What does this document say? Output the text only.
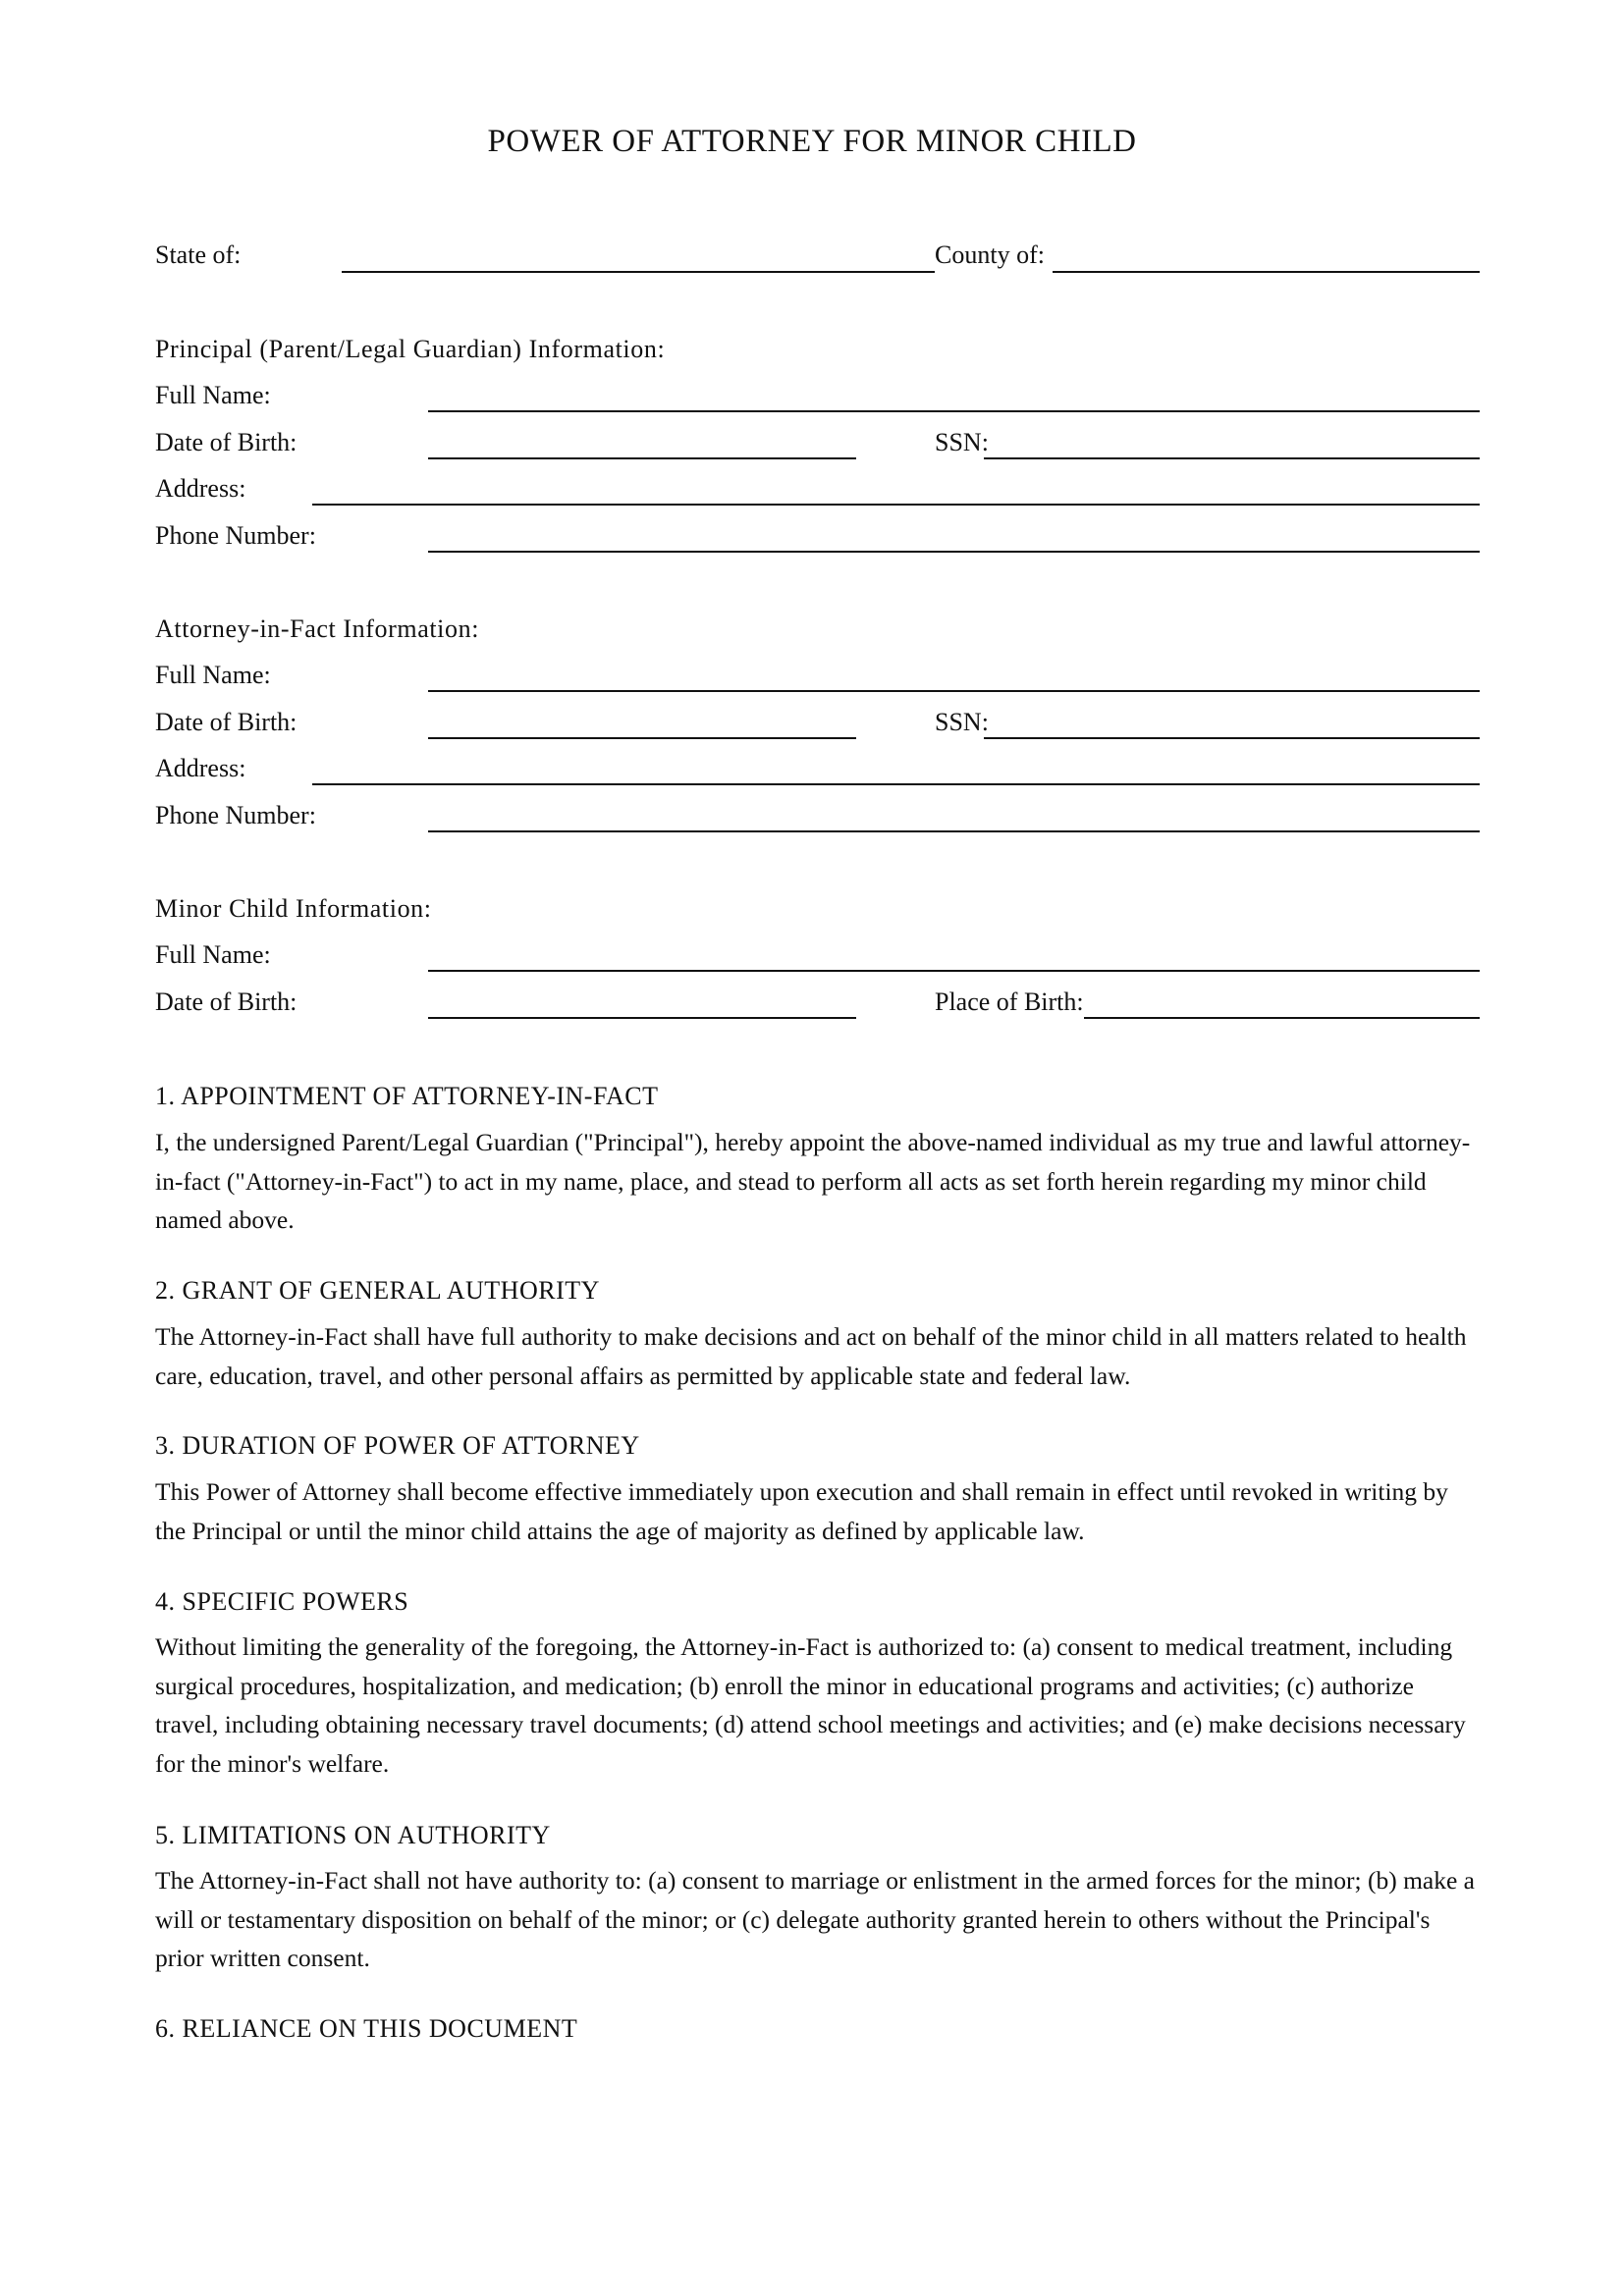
POWER OF ATTORNEY FOR MINOR CHILD
State of:	County of:
Principal (Parent/Legal Guardian) Information:
Full Name:
Date of Birth:	SSN:
Address:
Phone Number:
Attorney-in-Fact Information:
Full Name:
Date of Birth:	SSN:
Address:
Phone Number:
Minor Child Information:
Full Name:
Date of Birth:	Place of Birth:
1. APPOINTMENT OF ATTORNEY-IN-FACT
I, the undersigned Parent/Legal Guardian ("Principal"), hereby appoint the above-named individual as my true and lawful attorney-in-fact ("Attorney-in-Fact") to act in my name, place, and stead to perform all acts as set forth herein regarding my minor child named above.
2. GRANT OF GENERAL AUTHORITY
The Attorney-in-Fact shall have full authority to make decisions and act on behalf of the minor child in all matters related to health care, education, travel, and other personal affairs as permitted by applicable state and federal law.
3. DURATION OF POWER OF ATTORNEY
This Power of Attorney shall become effective immediately upon execution and shall remain in effect until revoked in writing by the Principal or until the minor child attains the age of majority as defined by applicable law.
4. SPECIFIC POWERS
Without limiting the generality of the foregoing, the Attorney-in-Fact is authorized to: (a) consent to medical treatment, including surgical procedures, hospitalization, and medication; (b) enroll the minor in educational programs and activities; (c) authorize travel, including obtaining necessary travel documents; (d) attend school meetings and activities; and (e) make decisions necessary for the minor's welfare.
5. LIMITATIONS ON AUTHORITY
The Attorney-in-Fact shall not have authority to: (a) consent to marriage or enlistment in the armed forces for the minor; (b) make a will or testamentary disposition on behalf of the minor; or (c) delegate authority granted herein to others without the Principal's prior written consent.
6. RELIANCE ON THIS DOCUMENT
